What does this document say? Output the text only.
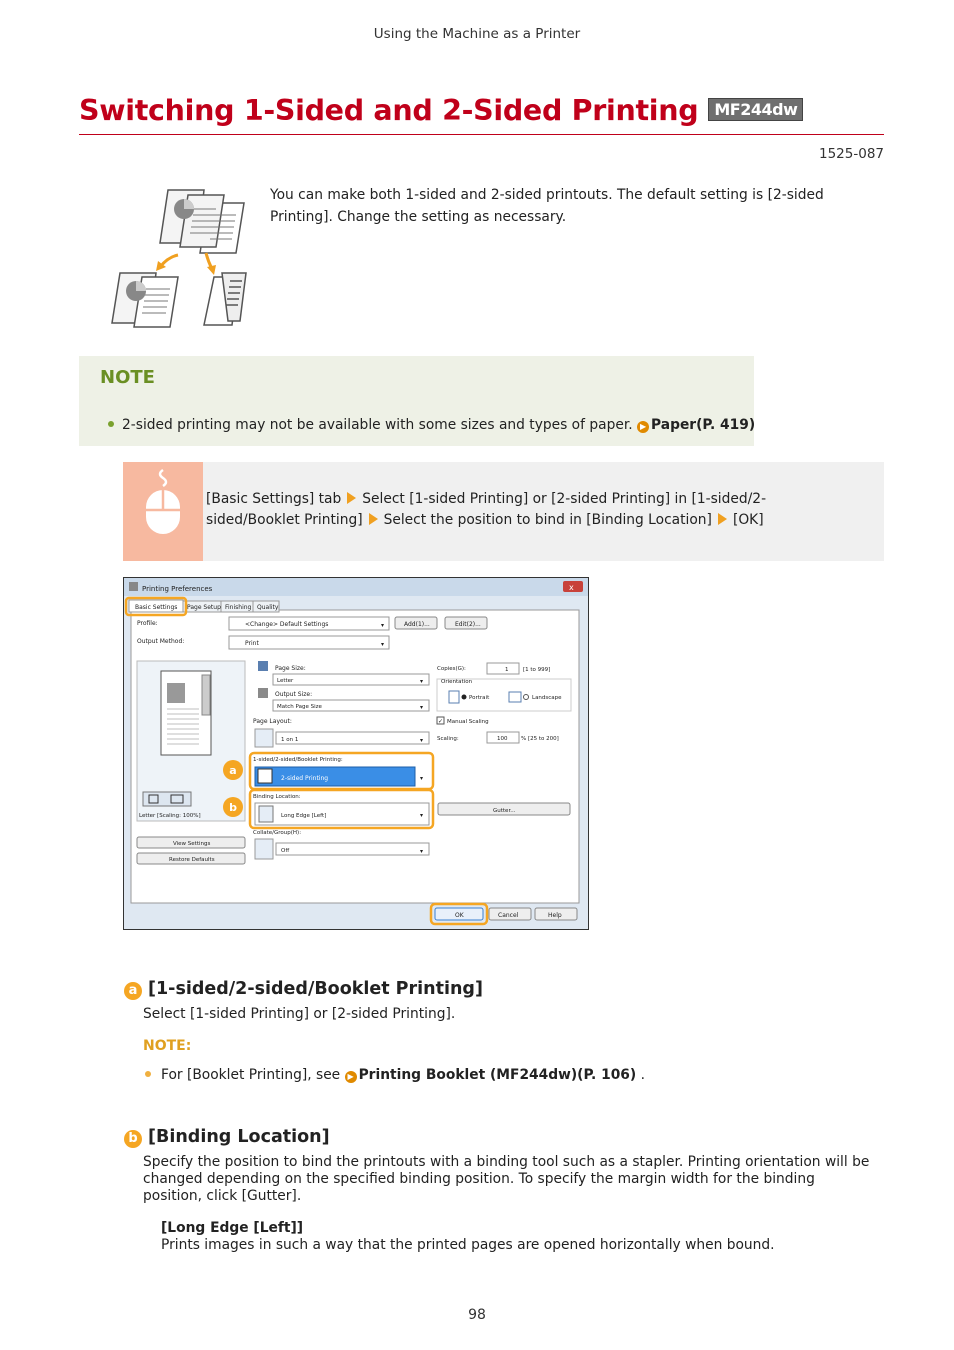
Using the Machine as a Printer
Switching 1-Sided and 2-Sided Printing MF244dw
1525-087
You can make both 1-sided and 2-sided printouts. The default setting is [2-sided Printing]. Change the setting as necessary.
NOTE
2-sided printing may not be available with some sizes and types of paper. ▶ Paper(P. 419)
[Basic Settings] tab Select [1-sided Printing] or [2-sided Printing] in [1-sided/2-sided/Booklet Printing] Select the position to bind in [Binding Location] [OK]
Printing Preferences	x
Basic Settings Page Setup Finishing Quality
Profile:	<Change> Default Settings	▾	Add(1)...	Edit(2)...
Output Method:	Print	▾
Letter [Scaling: 100%]
View Settings
Restore Defaults
Page Size:
Letter	▾
Output Size:
Match Page Size	▾
Page Layout:
1 on 1	▾
Copies(G):	1	[1 to 999]
Orientation
Portrait	Landscape
✓ Manual Scaling
Scaling:	100 % [25 to 200]
1-sided/2-sided/Booklet Printing:
2-sided Printing	▾
a
Binding Location:
Long Edge [Left]	▾
b	Gutter...
Collate/Group(H):
Off	▾
OK	Cancel	Help
a [1-sided/2-sided/Booklet Printing]
Select [1-sided Printing] or [2-sided Printing].
NOTE:
For [Booklet Printing], see ▶ Printing Booklet (MF244dw)(P. 106) .
b [Binding Location]
Specify the position to bind the printouts with a binding tool such as a stapler. Printing orientation will be changed depending on the specified binding position. To specify the margin width for the binding position, click [Gutter].
[Long Edge [Left]]
Prints images in such a way that the printed pages are opened horizontally when bound.
98
